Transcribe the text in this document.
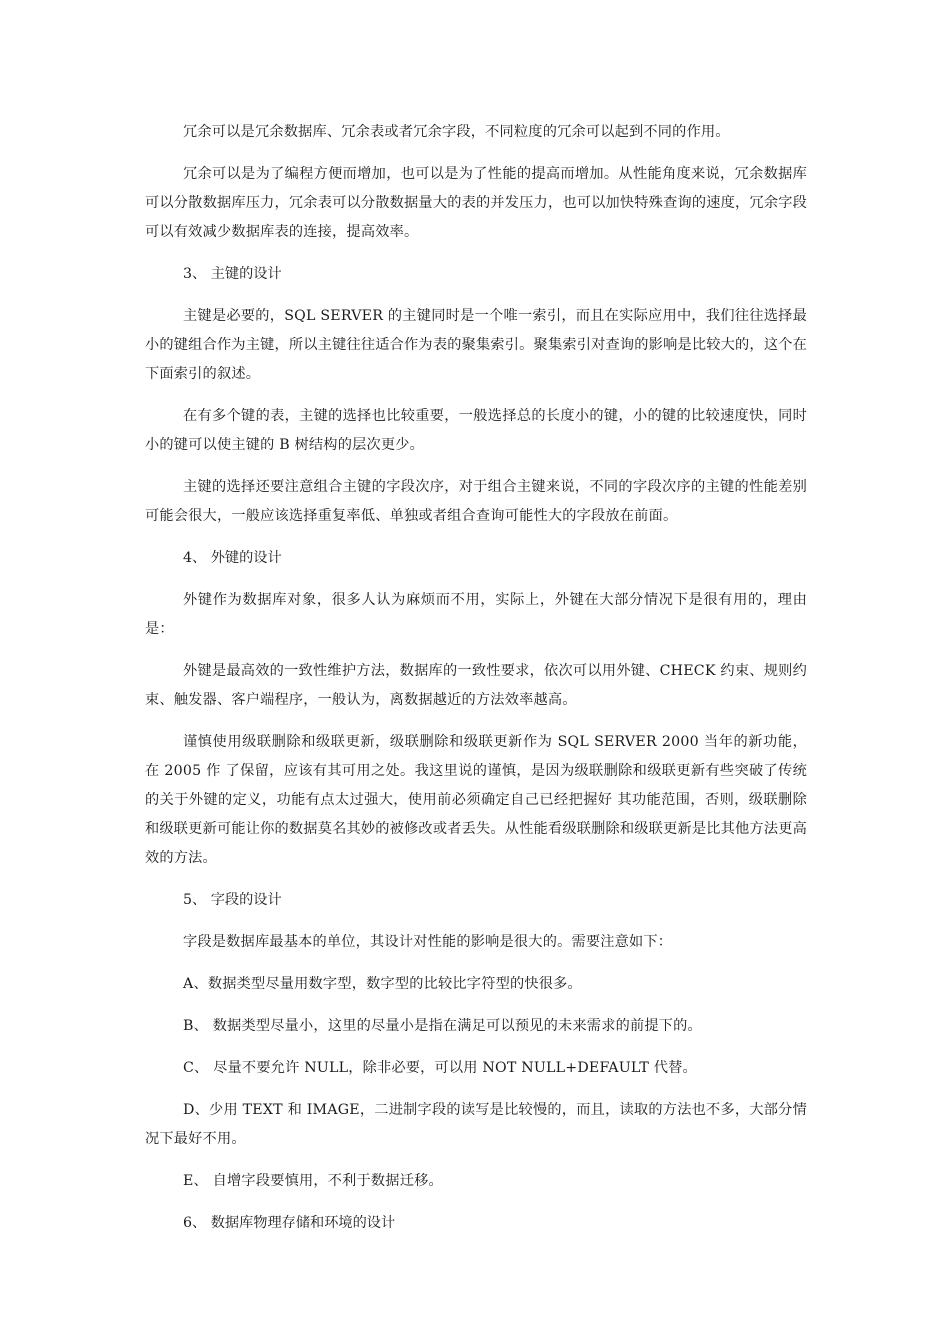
冗余可以是冗余数据库、冗余表或者冗余字段，不同粒度的冗余可以起到不同的作用。

冗余可以是为了编程方便而增加，也可以是为了性能的提高而增加。从性能角度来说，冗余数据库可以分散数据库压力，冗余表可以分散数据量大的表的并发压力，也可以加快特殊查询的速度，冗余字段可以有效减少数据库表的连接，提高效率。

3、 主键的设计

主键是必要的，SQL SERVER 的主键同时是一个唯一索引，而且在实际应用中，我们往往选择最小的键组合作为主键，所以主键往往适合作为表的聚集索引。聚集索引对查询的影响是比较大的，这个在下面索引的叙述。

在有多个键的表，主键的选择也比较重要，一般选择总的长度小的键，小的键的比较速度快，同时小的键可以使主键的 B 树结构的层次更少。

主键的选择还要注意组合主键的字段次序，对于组合主键来说，不同的字段次序的主键的性能差别可能会很大，一般应该选择重复率低、单独或者组合查询可能性大的字段放在前面。

4、 外键的设计

外键作为数据库对象，很多人认为麻烦而不用，实际上，外键在大部分情况下是很有用的，理由是：

外键是最高效的一致性维护方法，数据库的一致性要求，依次可以用外键、CHECK 约束、规则约束、触发器、客户端程序，一般认为，离数据越近的方法效率越高。

谨慎使用级联删除和级联更新，级联删除和级联更新作为 SQL SERVER 2000 当年的新功能，在 2005 作 了保留，应该有其可用之处。我这里说的谨慎，是因为级联删除和级联更新有些突破了传统的关于外键的定义，功能有点太过强大，使用前必须确定自己已经把握好 其功能范围，否则，级联删除和级联更新可能让你的数据莫名其妙的被修改或者丢失。从性能看级联删除和级联更新是比其他方法更高效的方法。

5、 字段的设计

字段是数据库最基本的单位，其设计对性能的影响是很大的。需要注意如下：

A、数据类型尽量用数字型，数字型的比较比字符型的快很多。

B、 数据类型尽量小，这里的尽量小是指在满足可以预见的未来需求的前提下的。

C、 尽量不要允许 NULL，除非必要，可以用 NOT NULL+DEFAULT 代替。

D、少用 TEXT 和 IMAGE，二进制字段的读写是比较慢的，而且，读取的方法也不多，大部分情况下最好不用。

E、 自增字段要慎用，不利于数据迁移。

6、 数据库物理存储和环境的设计
